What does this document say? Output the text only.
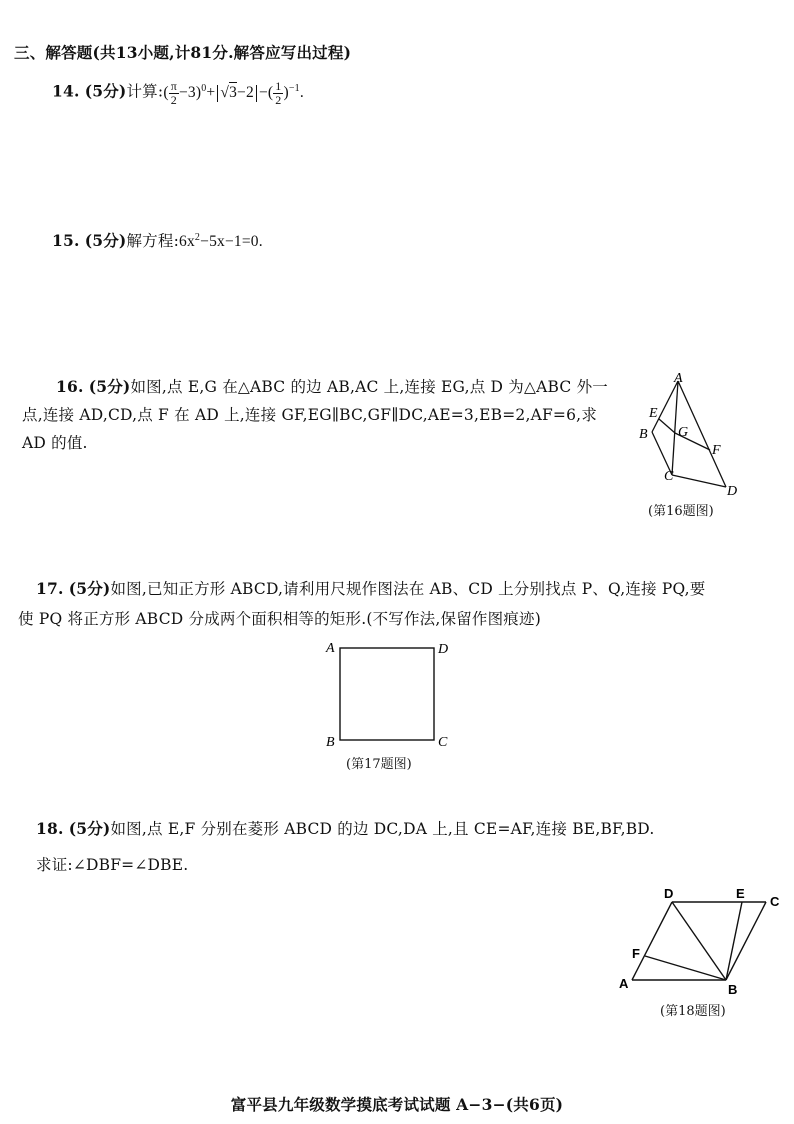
三、解答题(共13小题,计81分.解答应写出过程)
14. (5分)计算:( $\frac{\pi}{2} -3)^0+ √3-2$ −( $\frac{1}{2} )^{-1}$.
15. (5分)解方程$:6x^2-5x-1=0$.
16. (5分)如图,点 E,G 在△ABC 的边 AB,AC 上,连接 EG,点 D 为△ABC 外一
点,连接 AD,CD,点 F 在 AD 上,连接 GF,EG∥BC,GF∥DC,AE=3,EB=2,AF=6,求
AD 的值.
A
E
B G
F
C
D
(第16题图)
17. (5分)如图,已知正方形 ABCD,请利用尺规作图法在 AB、CD 上分别找点 P、Q,连接 PQ,要
使 PQ 将正方形 ABCD 分成两个面积相等的矩形.(不写作法,保留作图痕迹)
A	D
B	C
(第17题图)
18. (5分)如图,点 E,F 分别在菱形 ABCD 的边 DC,DA 上,且 CE=AF,连接 BE,BF,BD.
求证:∠DBF=∠DBE.
D	E
C
F
A	B
(第18题图)
富平县九年级数学摸底考试试题 A−3−(共6页)
